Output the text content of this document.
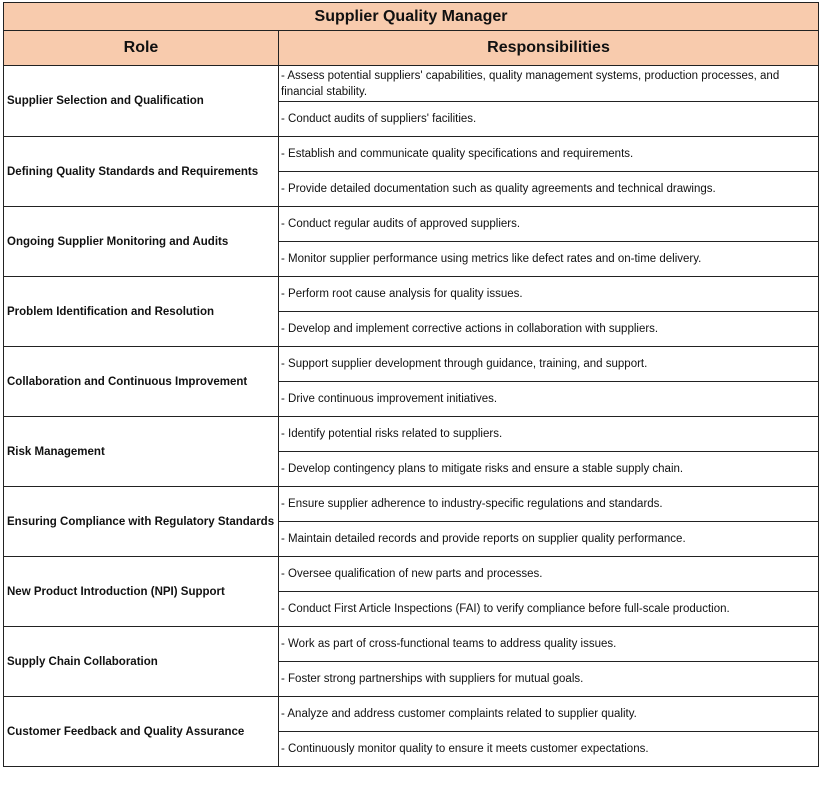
Supplier Quality Manager	
Role	Responsibilities
Supplier Selection and Qualification	- Assess potential suppliers' capabilities, quality management systems, production processes, and financial stability.
	- Conduct audits of suppliers' facilities.
Defining Quality Standards and Requirements	- Establish and communicate quality specifications and requirements.
	- Provide detailed documentation such as quality agreements and technical drawings.
Ongoing Supplier Monitoring and Audits	- Conduct regular audits of approved suppliers.
	- Monitor supplier performance using metrics like defect rates and on-time delivery.
Problem Identification and Resolution	- Perform root cause analysis for quality issues.
	- Develop and implement corrective actions in collaboration with suppliers.
Collaboration and Continuous Improvement	- Support supplier development through guidance, training, and support.
	- Drive continuous improvement initiatives.
Risk Management	- Identify potential risks related to suppliers.
	- Develop contingency plans to mitigate risks and ensure a stable supply chain.
Ensuring Compliance with Regulatory Standards	- Ensure supplier adherence to industry-specific regulations and standards.
	- Maintain detailed records and provide reports on supplier quality performance.
New Product Introduction (NPI) Support	- Oversee qualification of new parts and processes.
	- Conduct First Article Inspections (FAI) to verify compliance before full-scale production.
Supply Chain Collaboration	- Work as part of cross-functional teams to address quality issues.
	- Foster strong partnerships with suppliers for mutual goals.
Customer Feedback and Quality Assurance	- Analyze and address customer complaints related to supplier quality.
	- Continuously monitor quality to ensure it meets customer expectations.
